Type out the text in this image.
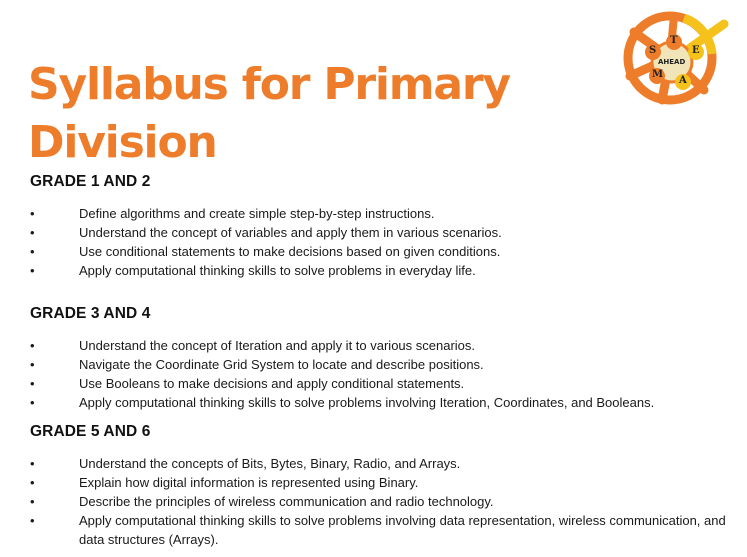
Syllabus for Primary Division
S
T
E
M
A
AHEAD
GRADE 1 AND 2
•	Define algorithms and create simple step-by-step instructions.
•	Understand the concept of variables and apply them in various scenarios.
•	Use conditional statements to make decisions based on given conditions.
•	Apply computational thinking skills to solve problems in everyday life.
GRADE 3 AND 4
•	Understand the concept of Iteration and apply it to various scenarios.
•	Navigate the Coordinate Grid System to locate and describe positions.
•	Use Booleans to make decisions and apply conditional statements.
•	Apply computational thinking skills to solve problems involving Iteration, Coordinates, and Booleans.
GRADE 5 AND 6
•	Understand the concepts of Bits, Bytes, Binary, Radio, and Arrays.
•	Explain how digital information is represented using Binary.
•	Describe the principles of wireless communication and radio technology.
•	Apply computational thinking skills to solve problems involving data representation, wireless communication, and data structures (Arrays).
